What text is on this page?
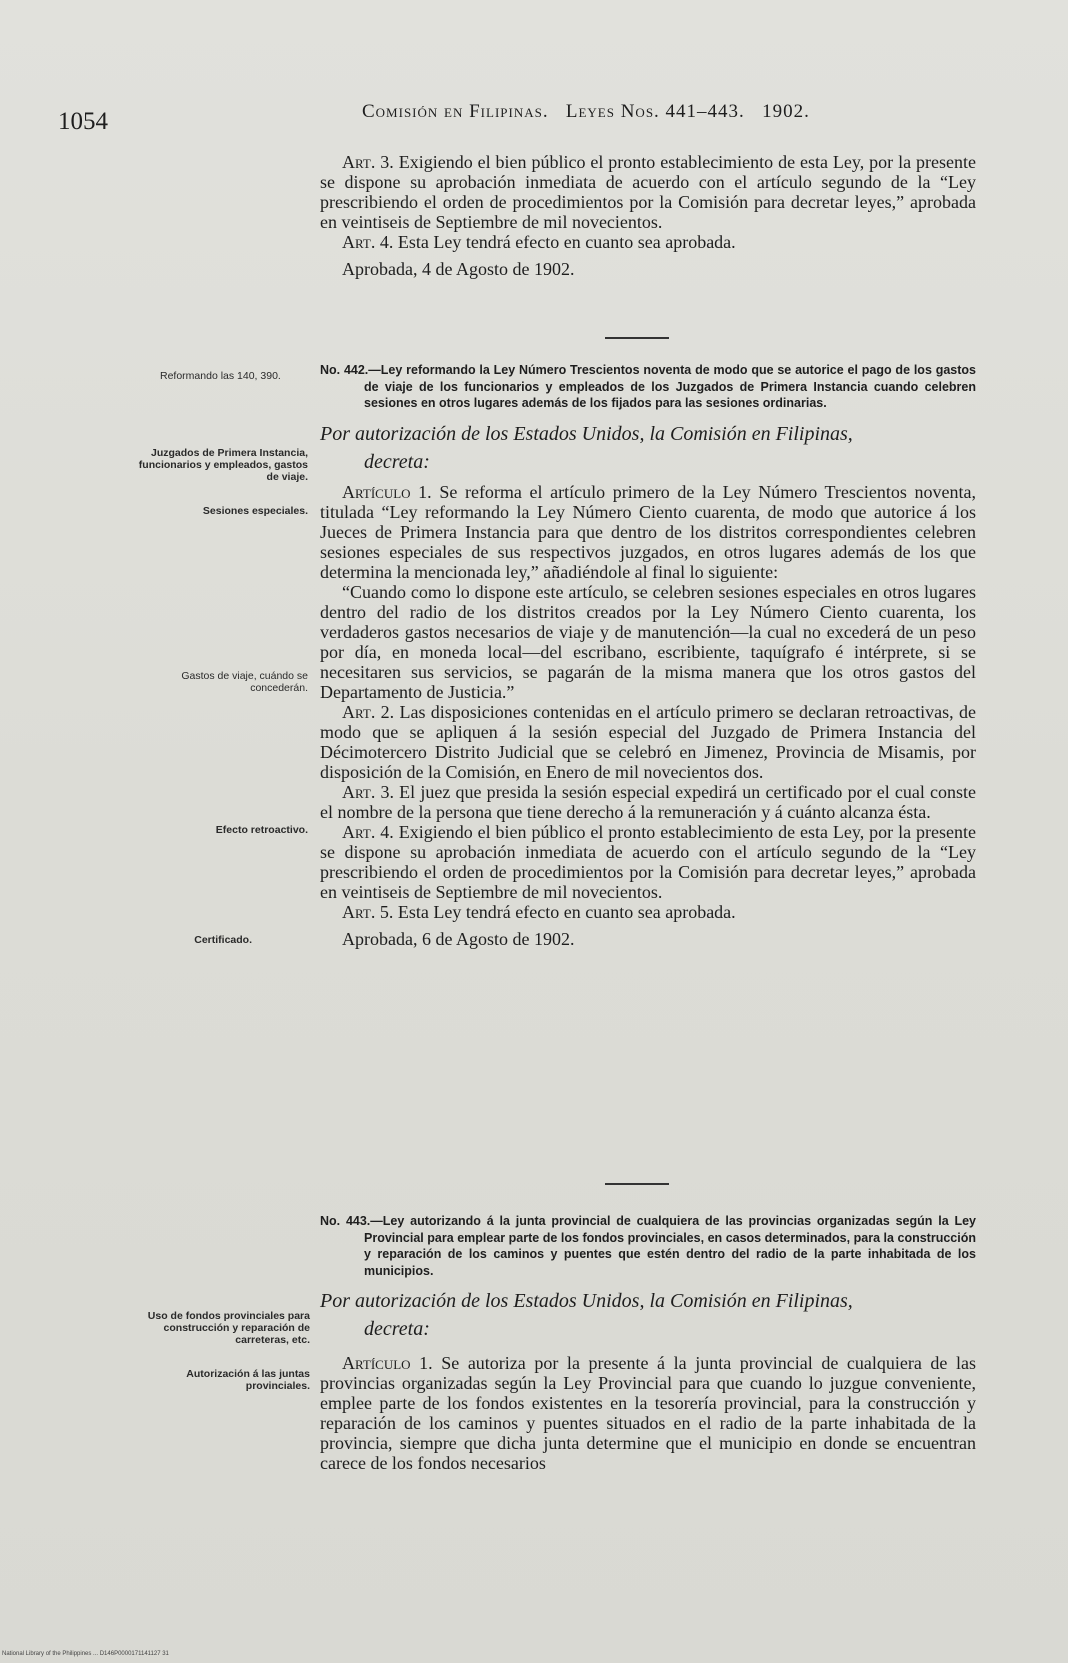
1054	Comisión en Filipinas. Leyes Nos. 441–443. 1902.

Art. 3. Exigiendo el bien público el pronto establecimiento de esta Ley, por la presente se dispone su aprobación inmediata de acuerdo con el artículo segundo de la “Ley prescribiendo el orden de procedimientos por la Comisión para decretar leyes,” aprobada en veintiseis de Septiembre de mil novecientos.

Art. 4. Esta Ley tendrá efecto en cuanto sea aprobada.

Aprobada, 4 de Agosto de 1902.

Reformando las 140, 390.
Juzgados de Primera Instancia, funcionarios y empleados, gastos de viaje.
Sesiones especiales.
Gastos de viaje, cuándo se concederán.
Efecto retroactivo.
Certificado.

No. 442.—Ley reformando la Ley Número Trescientos noventa de modo que se autorice el pago de los gastos de viaje de los funcionarios y empleados de los Juzgados de Primera Instancia cuando celebren sesiones en otros lugares además de los fijados para las sesiones ordinarias.

Por autorización de los Estados Unidos, la Comisión en Filipinas,
decreta:

Artículo 1. Se reforma el artículo primero de la Ley Número Trescientos noventa, titulada “Ley reformando la Ley Número Ciento cuarenta, de modo que autorice á los Jueces de Primera Instancia para que dentro de los distritos correspondientes celebren sesiones especiales de sus respectivos juzgados, en otros lugares además de los que determina la mencionada ley,” añadiéndole al final lo siguiente:

“Cuando como lo dispone este artículo, se celebren sesiones especiales en otros lugares dentro del radio de los distritos creados por la Ley Número Ciento cuarenta, los verdaderos gastos necesarios de viaje y de manutención—la cual no excederá de un peso por día, en moneda local—del escribano, escribiente, taquígrafo é intérprete, si se necesitaren sus servicios, se pagarán de la misma manera que los otros gastos del Departamento de Justicia.”

Art. 2. Las disposiciones contenidas en el artículo primero se declaran retroactivas, de modo que se apliquen á la sesión especial del Juzgado de Primera Instancia del Décimotercero Distrito Judicial que se celebró en Jimenez, Provincia de Misamis, por disposición de la Comisión, en Enero de mil novecientos dos.

Art. 3. El juez que presida la sesión especial expedirá un certificado por el cual conste el nombre de la persona que tiene derecho á la remuneración y á cuánto alcanza ésta.

Art. 4. Exigiendo el bien público el pronto establecimiento de esta Ley, por la presente se dispone su aprobación inmediata de acuerdo con el artículo segundo de la “Ley prescribiendo el orden de procedimientos por la Comisión para decretar leyes,” aprobada en veintiseis de Septiembre de mil novecientos.

Art. 5. Esta Ley tendrá efecto en cuanto sea aprobada.

Aprobada, 6 de Agosto de 1902.

Uso de fondos provinciales para construcción y reparación de carreteras, etc.
Autorización á las juntas provinciales.

No. 443.—Ley autorizando á la junta provincial de cualquiera de las provincias organizadas según la Ley Provincial para emplear parte de los fondos provinciales, en casos determinados, para la construcción y reparación de los caminos y puentes que estén dentro del radio de la parte inhabitada de los municipios.

Por autorización de los Estados Unidos, la Comisión en Filipinas,
decreta:

Artículo 1. Se autoriza por la presente á la junta provincial de cualquiera de las provincias organizadas según la Ley Provincial para que cuando lo juzgue conveniente, emplee parte de los fondos existentes en la tesorería provincial, para la construcción y reparación de los caminos y puentes situados en el radio de la parte inhabitada de la provincia, siempre que dicha junta determine que el municipio en donde se encuentran carece de los fondos necesarios

National Library of the Philippines ... D146P0000171141127 31
